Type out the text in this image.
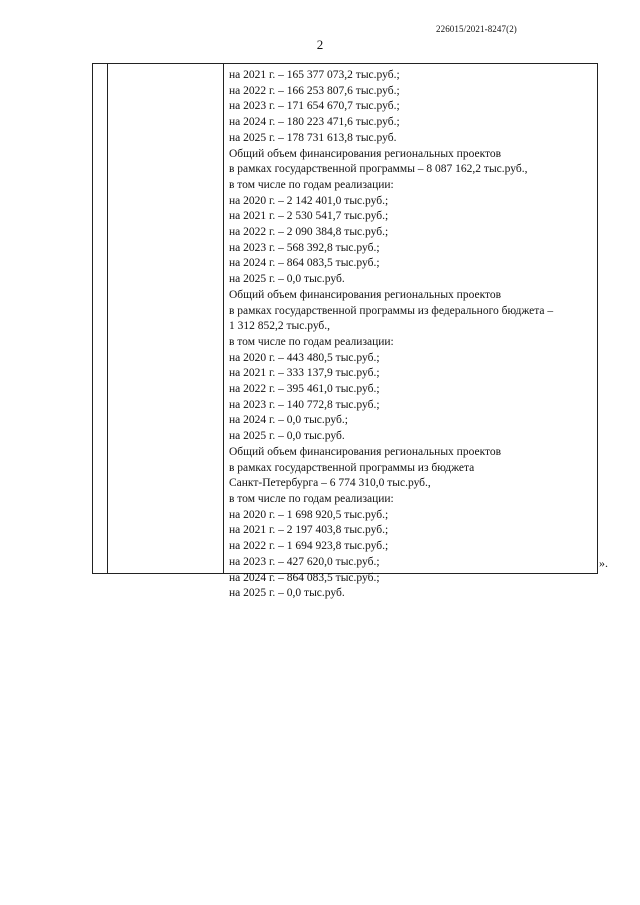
226015/2021-8247(2)
2
на 2021 г. – 165 377 073,2 тыс.руб.;
на 2022 г. – 166 253 807,6 тыс.руб.;
на 2023 г. – 171 654 670,7 тыс.руб.;
на 2024 г. – 180 223 471,6 тыс.руб.;
на 2025 г. – 178 731 613,8 тыс.руб.
Общий объем финансирования региональных проектов
в рамках государственной программы – 8 087 162,2 тыс.руб.,
в том числе по годам реализации:
на 2020 г. – 2 142 401,0 тыс.руб.;
на 2021 г. – 2 530 541,7 тыс.руб.;
на 2022 г. – 2 090 384,8 тыс.руб.;
на 2023 г. – 568 392,8 тыс.руб.;
на 2024 г. – 864 083,5 тыс.руб.;
на 2025 г. – 0,0 тыс.руб.
Общий объем финансирования региональных проектов
в рамках государственной программы из федерального бюджета –
1 312 852,2 тыс.руб.,
в том числе по годам реализации:
на 2020 г. – 443 480,5 тыс.руб.;
на 2021 г. – 333 137,9 тыс.руб.;
на 2022 г. – 395 461,0 тыс.руб.;
на 2023 г. – 140 772,8 тыс.руб.;
на 2024 г. – 0,0 тыс.руб.;
на 2025 г. – 0,0 тыс.руб.
Общий объем финансирования региональных проектов
в рамках государственной программы из бюджета
Санкт-Петербурга – 6 774 310,0 тыс.руб.,
в том числе по годам реализации:
на 2020 г. – 1 698 920,5 тыс.руб.;
на 2021 г. – 2 197 403,8 тыс.руб.;
на 2022 г. – 1 694 923,8 тыс.руб.;
на 2023 г. – 427 620,0 тыс.руб.;
на 2024 г. – 864 083,5 тыс.руб.;
на 2025 г. – 0,0 тыс.руб.
».
